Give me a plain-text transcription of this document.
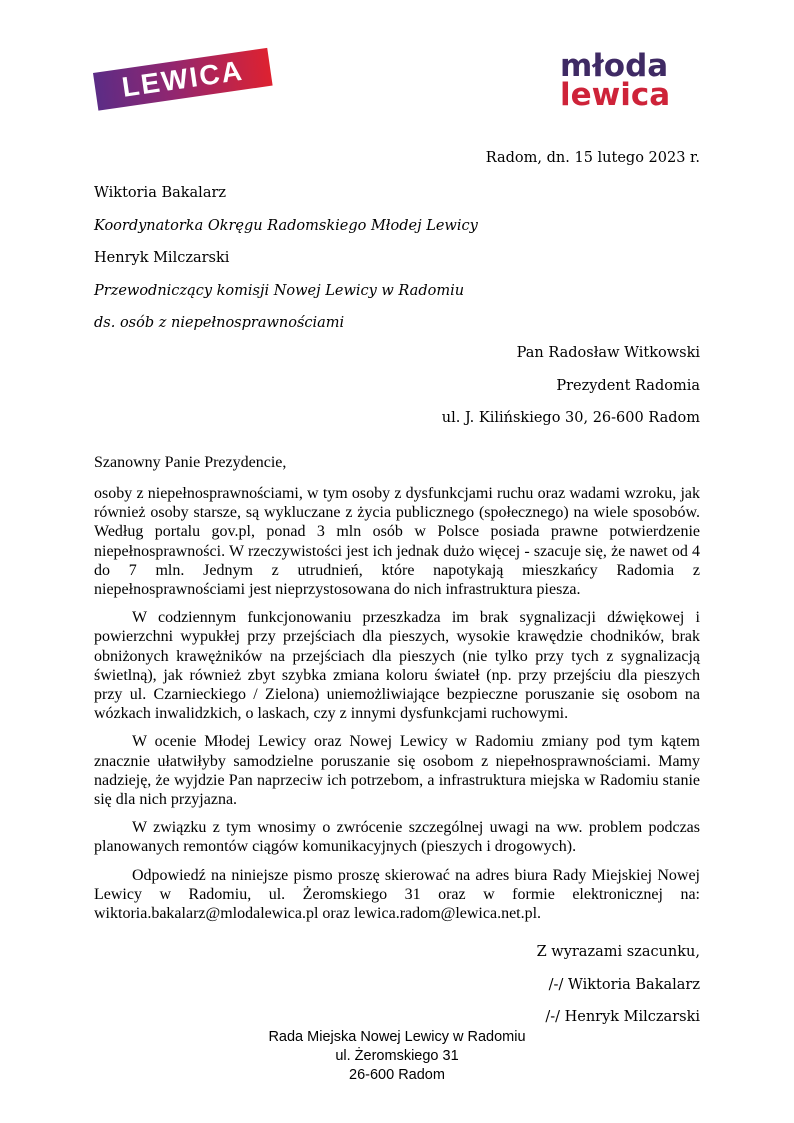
LEWICA	młoda
lewica
Radom, dn. 15 lutego 2023 r.
Wiktoria Bakalarz
Koordynatorka Okręgu Radomskiego Młodej Lewicy
Henryk Milczarski
Przewodniczący komisji Nowej Lewicy w Radomiu
ds. osób z niepełnosprawnościami
Pan Radosław Witkowski
Prezydent Radomia
ul. J. Kilińskiego 30, 26-600 Radom
Szanowny Panie Prezydencie,

osoby z niepełnosprawnościami, w tym osoby z dysfunkcjami ruchu oraz wadami wzroku, jak również osoby starsze, są wykluczane z życia publicznego (społecznego) na wiele sposobów. Według portalu gov.pl, ponad 3 mln osób w Polsce posiada prawne potwierdzenie niepełnosprawności. W rzeczywistości jest ich jednak dużo więcej - szacuje się, że nawet od 4 do 7 mln. Jednym z utrudnień, które napotykają mieszkańcy Radomia z niepełnosprawnościami jest nieprzystosowana do nich infrastruktura piesza.

W codziennym funkcjonowaniu przeszkadza im brak sygnalizacji dźwiękowej i powierzchni wypukłej przy przejściach dla pieszych, wysokie krawędzie chodników, brak obniżonych krawężników na przejściach dla pieszych (nie tylko przy tych z sygnalizacją świetlną), jak również zbyt szybka zmiana koloru świateł (np. przy przejściu dla pieszych przy ul. Czarnieckiego / Zielona) uniemożliwiające bezpieczne poruszanie się osobom na wózkach inwalidzkich, o laskach, czy z innymi dysfunkcjami ruchowymi.

W ocenie Młodej Lewicy oraz Nowej Lewicy w Radomiu zmiany pod tym kątem znacznie ułatwiłyby samodzielne poruszanie się osobom z niepełnosprawnościami. Mamy nadzieję, że wyjdzie Pan naprzeciw ich potrzebom, a infrastruktura miejska w Radomiu stanie się dla nich przyjazna.

W związku z tym wnosimy o zwrócenie szczególnej uwagi na ww. problem podczas planowanych remontów ciągów komunikacyjnych (pieszych i drogowych).

Odpowiedź na niniejsze pismo proszę skierować na adres biura Rady Miejskiej Nowej Lewicy w Radomiu, ul. Żeromskiego 31 oraz w formie elektronicznej na: wiktoria.bakalarz@mlodalewica.pl oraz lewica.radom@lewica.net.pl.

Z wyrazami szacunku,
/-/ Wiktoria Bakalarz
/-/ Henryk Milczarski
Rada Miejska Nowej Lewicy w Radomiu
ul. Żeromskiego 31
26-600 Radom
